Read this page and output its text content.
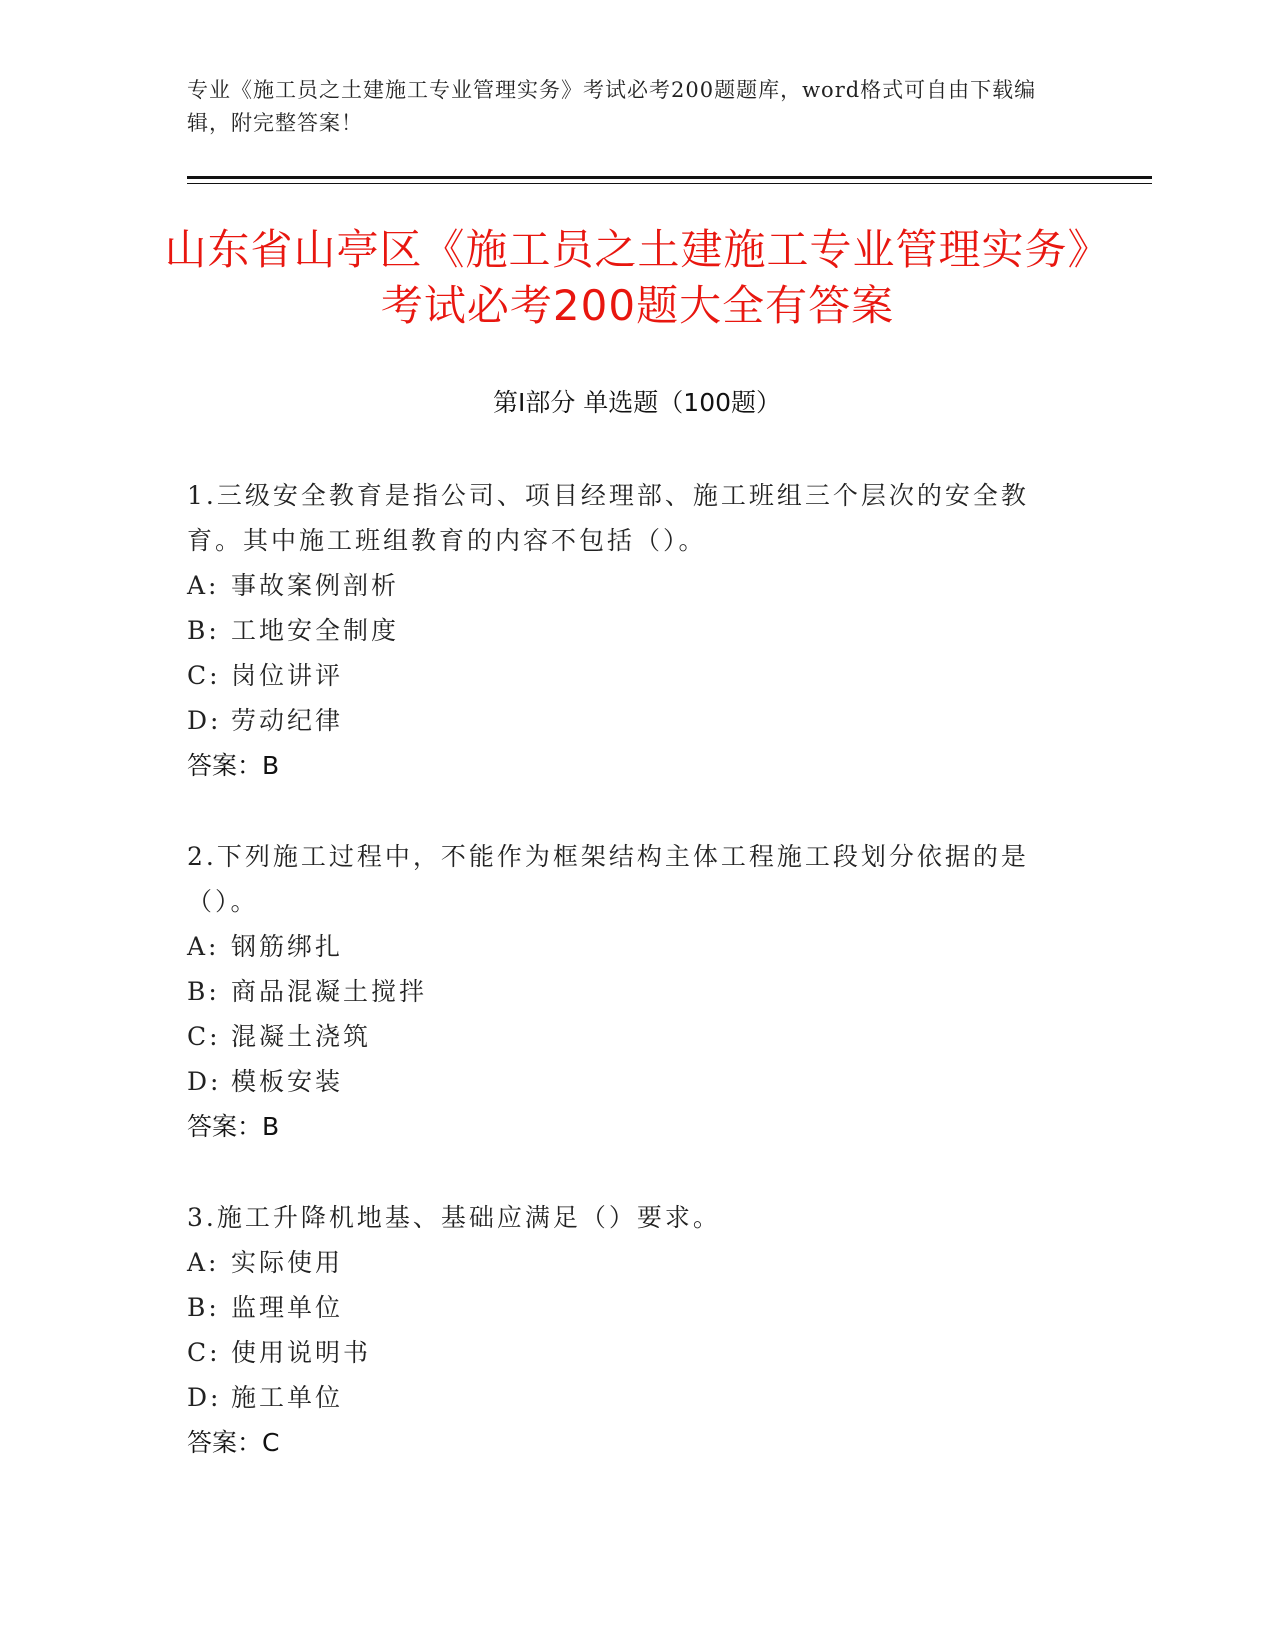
专业《施工员之土建施工专业管理实务》考试必考200题题库，word格式可自由下载编辑，附完整答案！
山东省山亭区《施工员之土建施工专业管理实务》考试必考200题大全有答案
第Ⅰ部分 单选题（100题）
1.三级安全教育是指公司、项目经理部、施工班组三个层次的安全教育。其中施工班组教育的内容不包括（）。
A: 事故案例剖析
B: 工地安全制度
C: 岗位讲评
D: 劳动纪律
答案：B
2.下列施工过程中，不能作为框架结构主体工程施工段划分依据的是（）。
A: 钢筋绑扎
B: 商品混凝土搅拌
C: 混凝土浇筑
D: 模板安装
答案：B
3.施工升降机地基、基础应满足（）要求。
A: 实际使用
B: 监理单位
C: 使用说明书
D: 施工单位
答案：C
